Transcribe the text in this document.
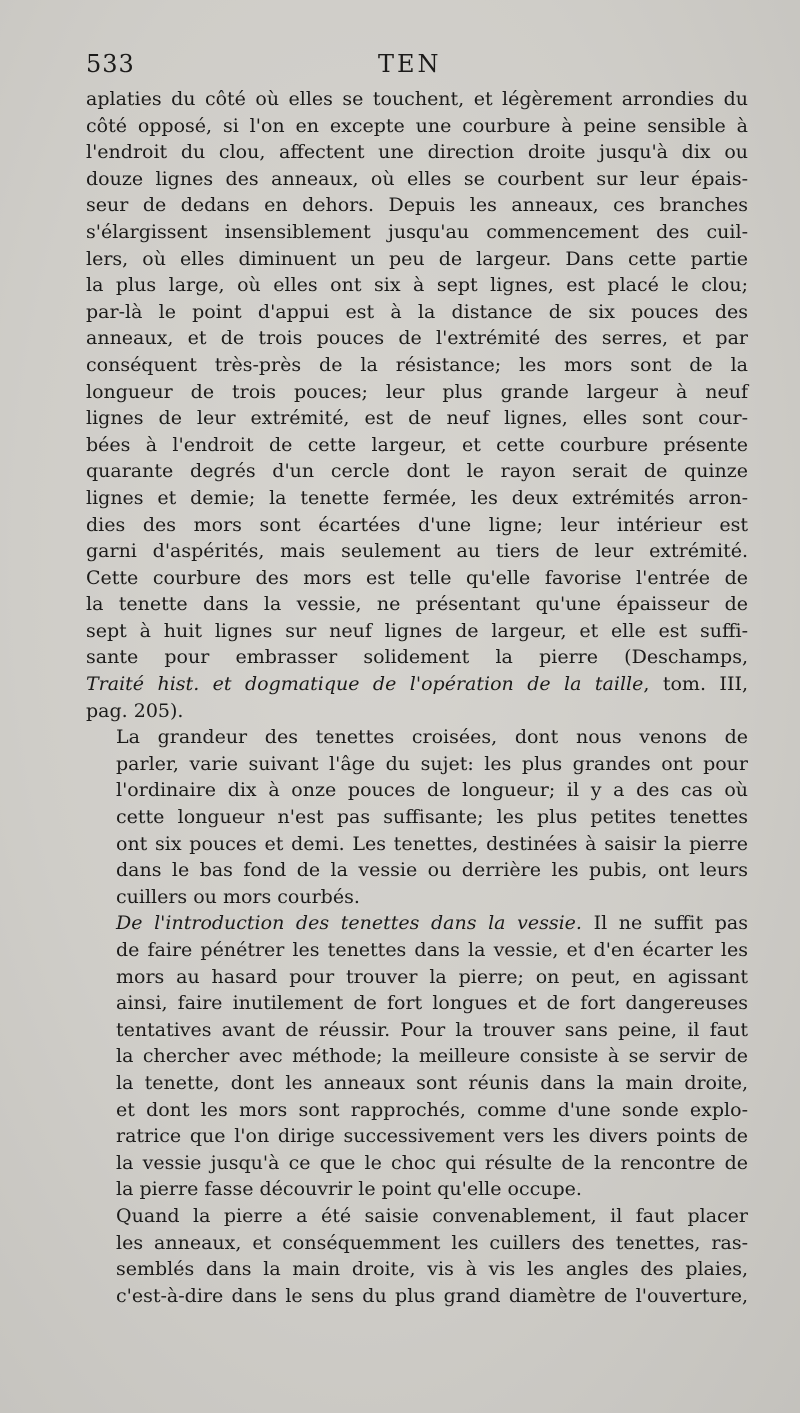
533	TEN

aplaties du côté où elles se touchent, et légèrement arrondies du
côté opposé, si l'on en excepte une courbure à peine sensible à
l'endroit du clou, affectent une direction droite jusqu'à dix ou
douze lignes des anneaux, où elles se courbent sur leur épais-
seur de dedans en dehors. Depuis les anneaux, ces branches
s'élargissent insensiblement jusqu'au commencement des cuil-
lers, où elles diminuent un peu de largeur. Dans cette partie
la plus large, où elles ont six à sept lignes, est placé le clou;
par-là le point d'appui est à la distance de six pouces des
anneaux, et de trois pouces de l'extrémité des serres, et par
conséquent très-près de la résistance; les mors sont de la
longueur de trois pouces; leur plus grande largeur à neuf
lignes de leur extrémité, est de neuf lignes, elles sont cour-
bées à l'endroit de cette largeur, et cette courbure présente
quarante degrés d'un cercle dont le rayon serait de quinze
lignes et demie; la tenette fermée, les deux extrémités arron-
dies des mors sont écartées d'une ligne; leur intérieur est
garni d'aspérités, mais seulement au tiers de leur extrémité.
Cette courbure des mors est telle qu'elle favorise l'entrée de
la tenette dans la vessie, ne présentant qu'une épaisseur de
sept à huit lignes sur neuf lignes de largeur, et elle est suffi-
sante pour embrasser solidement la pierre (Deschamps,
Traité hist. et dogmatique de l'opération de la taille, tom. III,
pag. 205).

La grandeur des tenettes croisées, dont nous venons de
parler, varie suivant l'âge du sujet: les plus grandes ont pour
l'ordinaire dix à onze pouces de longueur; il y a des cas où
cette longueur n'est pas suffisante; les plus petites tenettes
ont six pouces et demi. Les tenettes, destinées à saisir la pierre
dans le bas fond de la vessie ou derrière les pubis, ont leurs
cuillers ou mors courbés.

De l'introduction des tenettes dans la vessie. Il ne suffit pas
de faire pénétrer les tenettes dans la vessie, et d'en écarter les
mors au hasard pour trouver la pierre; on peut, en agissant
ainsi, faire inutilement de fort longues et de fort dangereuses
tentatives avant de réussir. Pour la trouver sans peine, il faut
la chercher avec méthode; la meilleure consiste à se servir de
la tenette, dont les anneaux sont réunis dans la main droite,
et dont les mors sont rapprochés, comme d'une sonde explo-
ratrice que l'on dirige successivement vers les divers points de
la vessie jusqu'à ce que le choc qui résulte de la rencontre de
la pierre fasse découvrir le point qu'elle occupe.

Quand la pierre a été saisie convenablement, il faut placer
les anneaux, et conséquemment les cuillers des tenettes, ras-
semblés dans la main droite, vis à vis les angles des plaies,
c'est-à-dire dans le sens du plus grand diamètre de l'ouverture,
